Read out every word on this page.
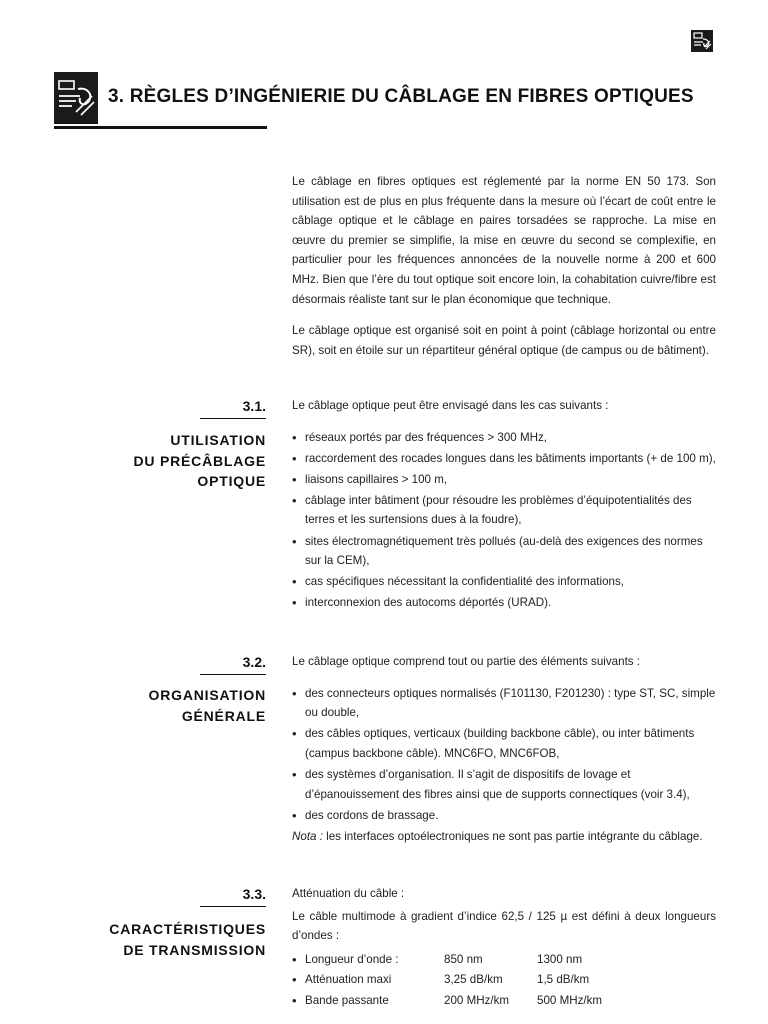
3. RÈGLES D’INGÉNIERIE DU CÂBLAGE EN FIBRES OPTIQUES

Le câblage en fibres optiques est réglementé par la norme EN 50 173. Son utilisation est de plus en plus fréquente dans la mesure où l’écart de coût entre le câblage optique et le câblage en paires torsadées se rapproche. La mise en œuvre du premier se simplifie, la mise en œuvre du second se complexifie, en particulier pour les fréquences annoncées de la nouvelle norme à 200 et 600 MHz. Bien que l’ère du tout optique soit encore loin, la cohabitation cuivre/fibre est désormais réaliste tant sur le plan économique que technique.

Le câblage optique est organisé soit en point à point (câblage horizontal ou entre SR), soit en étoile sur un répartiteur général optique (de campus ou de bâtiment).

3.1.
UTILISATION
DU PRÉCÂBLAGE
OPTIQUE

Le câblage optique peut être envisagé dans les cas suivants :

• réseaux portés par des fréquences > 300 MHz,
• raccordement des rocades longues dans les bâtiments importants (+ de 100 m),
• liaisons capillaires > 100 m,
• câblage inter bâtiment (pour résoudre les problèmes d’équipotentialités des terres et les surtensions dues à la foudre),
• sites électromagnétiquement très pollués (au-delà des exigences des normes sur la CEM),
• cas spécifiques nécessitant la confidentialité des informations,
• interconnexion des autocoms déportés (URAD).
3.2.
ORGANISATION
GÉNÉRALE

Le câblage optique comprend tout ou partie des éléments suivants :

• des connecteurs optiques normalisés (F101130, F201230) : type ST, SC, simple ou double,
• des câbles optiques, verticaux (building backbone câble), ou inter bâtiments (campus backbone câble). MNC6FO, MNC6FOB,
• des systèmes d’organisation. Il s’agit de dispositifs de lovage et d’épanouissement des fibres ainsi que de supports connectiques (voir 3.4),
• des cordons de brassage.

Nota : les interfaces optoélectroniques ne sont pas partie intégrante du câblage.

3.3.
CARACTÉRISTIQUES
DE TRANSMISSION

Atténuation du câble :

Le câble multimode à gradient d’indice 62,5 / 125 µ est défini à deux longueurs d’ondes :

• Longueur d’onde :	850 nm	1300 nm
• Atténuation maxi	3,25 dB/km	1,5 dB/km
• Bande passante	200 MHz/km	500 MHz/km
